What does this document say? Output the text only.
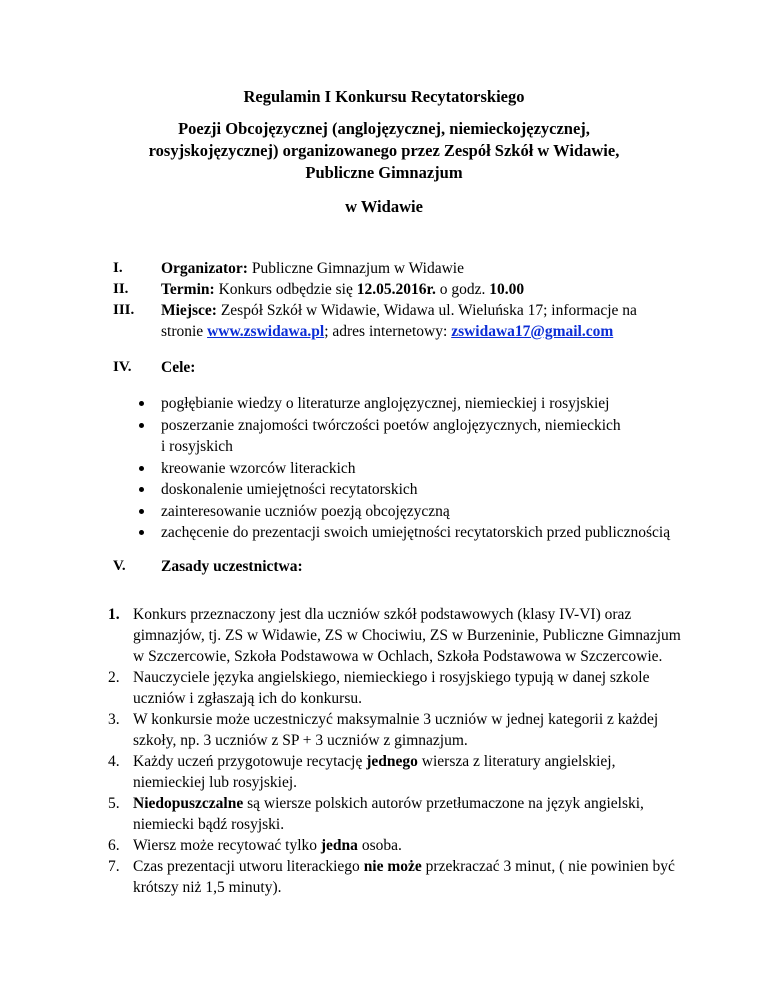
Regulamin I Konkursu Recytatorskiego
Poezji Obcojęzycznej (anglojęzycznej, niemieckojęzycznej,
rosyjskojęzycznej) organizowanego przez Zespół Szkół w Widawie,
Publiczne Gimnazjum
w Widawie
I. Organizator: Publiczne Gimnazjum w Widawie
II. Termin: Konkurs odbędzie się 12.05.2016r. o godz. 10.00
III. Miejsce: Zespół Szkół w Widawie, Widawa ul. Wieluńska 17; informacje na
stronie www.zswidawa.pl; adres internetowy: zswidawa17@gmail.com
IV. Cele:
pogłębianie wiedzy o literaturze anglojęzycznej, niemieckiej i rosyjskiej
poszerzanie znajomości twórczości poetów anglojęzycznych, niemieckich
i rosyjskich
kreowanie wzorców literackich
doskonalenie umiejętności recytatorskich
zainteresowanie uczniów poezją obcojęzyczną
zachęcenie do prezentacji swoich umiejętności recytatorskich przed publicznością
V. Zasady uczestnictwa:
1. Konkurs przeznaczony jest dla uczniów szkół podstawowych (klasy IV-VI) oraz gimnazjów, tj. ZS w Widawie, ZS w Chociwiu, ZS w Burzeninie, Publiczne Gimnazjum w Szczercowie, Szkoła Podstawowa w Ochlach, Szkoła Podstawowa w Szczercowie.
2. Nauczyciele języka angielskiego, niemieckiego i rosyjskiego typują w danej szkole uczniów i zgłaszają ich do konkursu.
3. W konkursie może uczestniczyć maksymalnie 3 uczniów w jednej kategorii z każdej szkoły, np. 3 uczniów z SP + 3 uczniów z gimnazjum.
4. Każdy uczeń przygotowuje recytację jednego wiersza z literatury angielskiej, niemieckiej lub rosyjskiej.
5. Niedopuszczalne są wiersze polskich autorów przetłumaczone na język angielski, niemiecki bądź rosyjski.
6. Wiersz może recytować tylko jedna osoba.
7. Czas prezentacji utworu literackiego nie może przekraczać 3 minut, ( nie powinien być krótszy niż 1,5 minuty).
